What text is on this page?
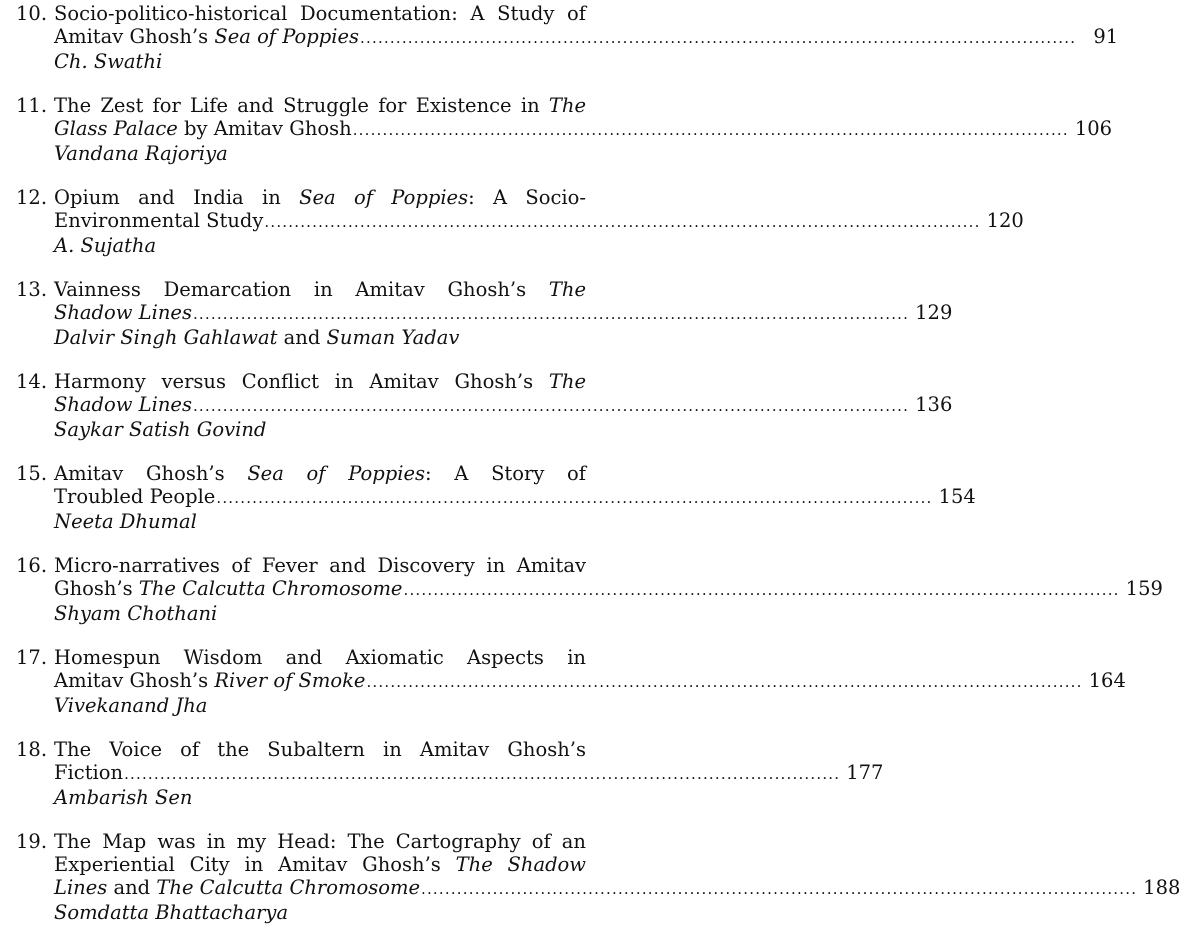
10. Socio-politico-historical Documentation: A Study of
Amitav Ghosh’s Sea of Poppies ........................................................................................................................ 91
Ch. Swathi
11. The Zest for Life and Struggle for Existence in The
Glass Palace by Amitav Ghosh ........................................................................................................................ 106
Vandana Rajoriya
12. Opium and India in Sea of Poppies: A Socio-
Environmental Study ........................................................................................................................ 120
A. Sujatha
13. Vainness Demarcation in Amitav Ghosh’s The
Shadow Lines ........................................................................................................................ 129
Dalvir Singh Gahlawat and Suman Yadav
14. Harmony versus Conflict in Amitav Ghosh’s The
Shadow Lines ........................................................................................................................ 136
Saykar Satish Govind
15. Amitav Ghosh’s Sea of Poppies: A Story of
Troubled People ........................................................................................................................ 154
Neeta Dhumal
16. Micro-narratives of Fever and Discovery in Amitav
Ghosh’s The Calcutta Chromosome ........................................................................................................................ 159
Shyam Chothani
17. Homespun Wisdom and Axiomatic Aspects in
Amitav Ghosh’s River of Smoke ........................................................................................................................ 164
Vivekanand Jha
18. The Voice of the Subaltern in Amitav Ghosh’s
Fiction ........................................................................................................................ 177
Ambarish Sen
19. The Map was in my Head: The Cartography of an
Experiential City in Amitav Ghosh’s The Shadow
Lines and The Calcutta Chromosome ........................................................................................................................ 188
Somdatta Bhattacharya
